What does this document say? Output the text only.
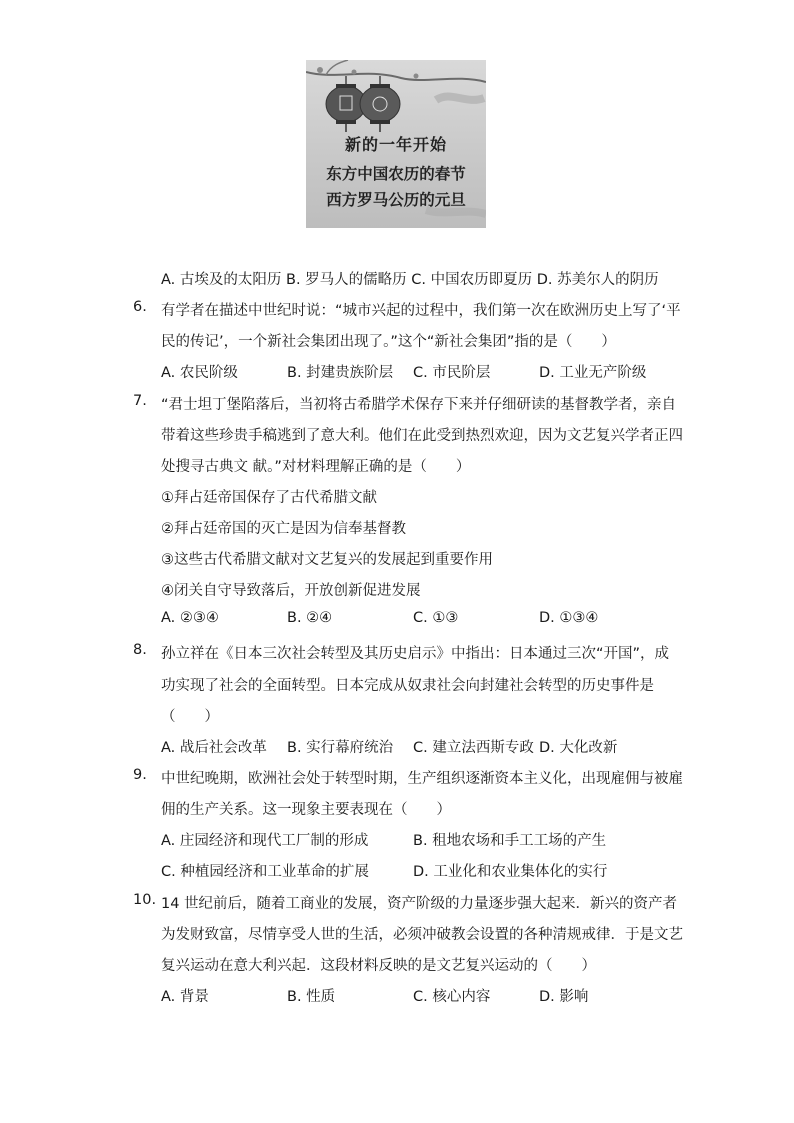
新的一年开始
东方中国农历的春节
西方罗马公历的元旦
A. 古埃及的太阳历 B. 罗马人的儒略历 C. 中国农历即夏历 D. 苏美尔人的阴历
6. 有学者在描述中世纪时说：“城市兴起的过程中，我们第一次在欧洲历史上写了‘平
民的传记’，一个新社会集团出现了。”这个“新社会集团”指的是（　　）
A. 农民阶级	B. 封建贵族阶层 C. 市民阶层	D. 工业无产阶级
7. “君士坦丁堡陷落后，当初将古希腊学术保存下来并仔细研读的基督教学者，亲自
带着这些珍贵手稿逃到了意大利。他们在此受到热烈欢迎，因为文艺复兴学者正四
处搜寻古典文 献。”对材料理解正确的是（　　）
①拜占廷帝国保存了古代希腊文献
②拜占廷帝国的灭亡是因为信奉基督教
③这些古代希腊文献对文艺复兴的发展起到重要作用
④闭关自守导致落后，开放创新促进发展
A. ②③④	B. ②④	C. ①③	D. ①③④
8. 孙立祥在《日本三次社会转型及其历史启示》中指出：日本通过三次“开国”，成
功实现了社会的全面转型。日本完成从奴隶社会向封建社会转型的历史事件是
（　　）
A. 战后社会改革 B. 实行幕府统治 C. 建立法西斯专政 D. 大化改新
9. 中世纪晚期，欧洲社会处于转型时期，生产组织逐渐资本主义化，出现雇佣与被雇
佣的生产关系。这一现象主要表现在（　　）
A. 庄园经济和现代工厂制的形成	B. 租地农场和手工工场的产生
C. 种植园经济和工业革命的扩展	D. 工业化和农业集体化的实行
10. 14 世纪前后，随着工商业的发展，资产阶级的力量逐步强大起来．新兴的资产者
为发财致富，尽情享受人世的生活，必须冲破教会设置的各种清规戒律．于是文艺
复兴运动在意大利兴起．这段材料反映的是文艺复兴运动的（　　）
A. 背景	B. 性质	C. 核心内容	D. 影响
